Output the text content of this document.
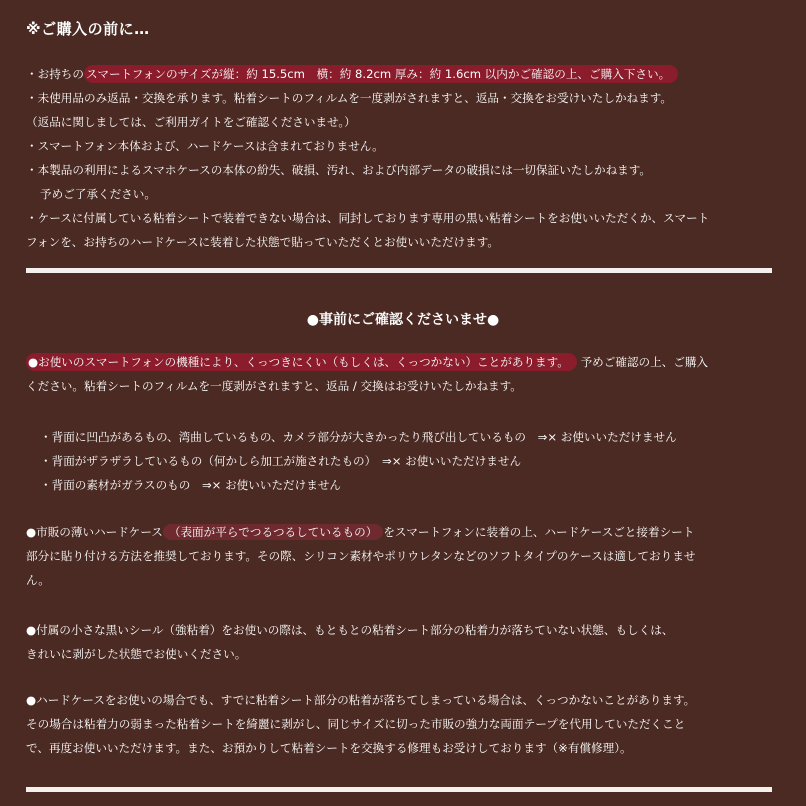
※ご購入の前に…
・お持ちの スマートフォンのサイズが縦：約 15.5cm　横：約 8.2cm 厚み：約 1.6cm 以内かご確認の上、ご購入下さい。
・未使用品のみ返品・交換を承ります。粘着シートのフィルムを一度剥がされますと、返品・交換をお受けいたしかねます。
（返品に関しましては、ご利用ガイトをご確認くださいませ。）
・スマートフォン本体および、ハードケースは含まれておりません。
・本製品の利用によるスマホケースの本体の紛失、破損、汚れ、および内部データの破損には一切保証いたしかねます。
予めご了承ください。
・ケースに付属している粘着シートで装着できない場合は、同封しております専用の黒い粘着シートをお使いいただくか、スマート
フォンを、お持ちのハードケースに装着した状態で貼っていただくとお使いいただけます。
●事前にご確認くださいませ●
●お使いのスマートフォンの機種により、くっつきにくい（もしくは、くっつかない）ことがあります。 予めご確認の上、ご購入
ください。粘着シートのフィルムを一度剥がされますと、返品 / 交換はお受けいたしかねます。
・背面に凹凸があるもの、湾曲しているもの、カメラ部分が大きかったり飛び出しているもの　⇒× お使いいただけません
・背面がザラザラしているもの（何かしら加工が施されたもの）　⇒× お使いいただけません
・背面の素材がガラスのもの　⇒× お使いいただけません
●市販の薄いハードケース （表面が平らでつるつるしているもの） をスマートフォンに装着の上、ハードケースごと接着シート
部分に貼り付ける方法を推奨しております。その際、シリコン素材やポリウレタンなどのソフトタイプのケースは適しておりませ
ん。
●付属の小さな黒いシール（強粘着）をお使いの際は、もともとの粘着シート部分の粘着力が落ちていない状態、もしくは、
きれいに剥がした状態でお使いください。
●ハードケースをお使いの場合でも、すでに粘着シート部分の粘着が落ちてしまっている場合は、くっつかないことがあります。
その場合は粘着力の弱まった粘着シートを綺麗に剥がし、同じサイズに切った市販の強力な両面テープを代用していただくこと
で、再度お使いいただけます。また、お預かりして粘着シートを交換する修理もお受けしております（※有償修理）。
